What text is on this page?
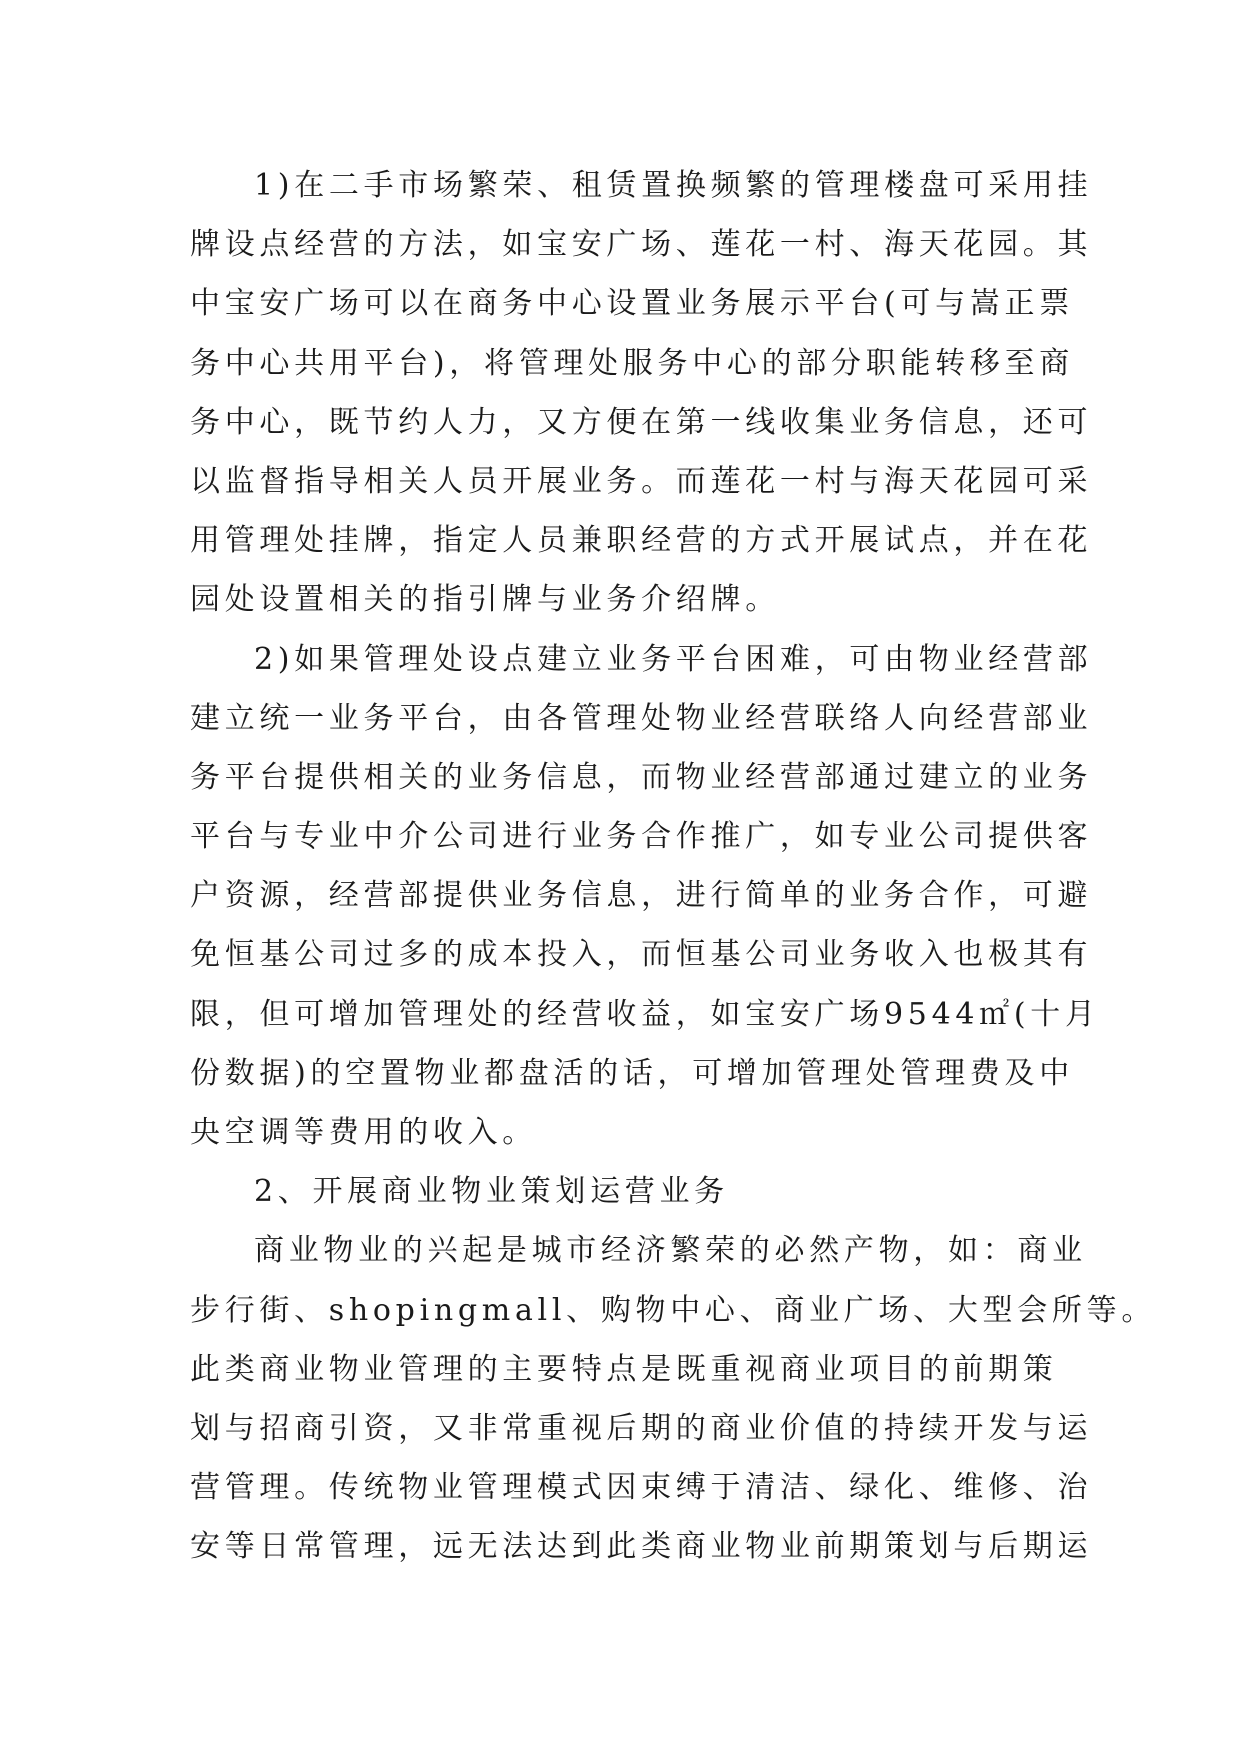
1)在二手市场繁荣、租赁置换频繁的管理楼盘可采用挂
牌设点经营的方法，如宝安广场、莲花一村、海天花园。其
中宝安广场可以在商务中心设置业务展示平台(可与嵩正票
务中心共用平台)，将管理处服务中心的部分职能转移至商
务中心，既节约人力，又方便在第一线收集业务信息，还可
以监督指导相关人员开展业务。而莲花一村与海天花园可采
用管理处挂牌，指定人员兼职经营的方式开展试点，并在花
园处设置相关的指引牌与业务介绍牌。
2)如果管理处设点建立业务平台困难，可由物业经营部
建立统一业务平台，由各管理处物业经营联络人向经营部业
务平台提供相关的业务信息，而物业经营部通过建立的业务
平台与专业中介公司进行业务合作推广，如专业公司提供客
户资源，经营部提供业务信息，进行简单的业务合作，可避
免恒基公司过多的成本投入，而恒基公司业务收入也极其有
限，但可增加管理处的经营收益，如宝安广场9544㎡(十月
份数据)的空置物业都盘活的话，可增加管理处管理费及中
央空调等费用的收入。
2、开展商业物业策划运营业务
商业物业的兴起是城市经济繁荣的必然产物，如：商业
步行街、shopingmall、购物中心、商业广场、大型会所等。
此类商业物业管理的主要特点是既重视商业项目的前期策
划与招商引资，又非常重视后期的商业价值的持续开发与运
营管理。传统物业管理模式因束缚于清洁、绿化、维修、治
安等日常管理，远无法达到此类商业物业前期策划与后期运
